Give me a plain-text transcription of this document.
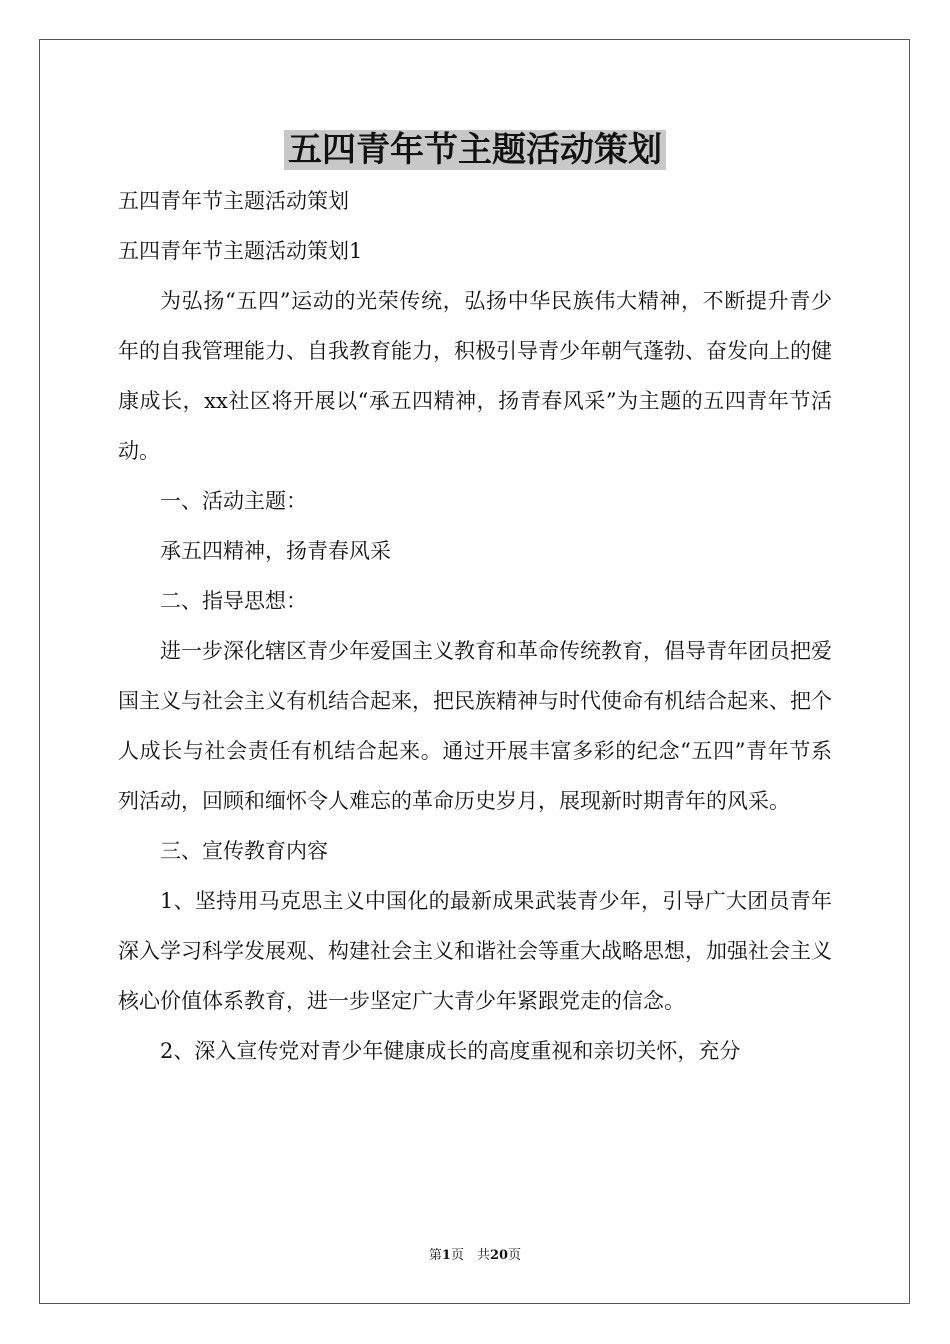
五四青年节主题活动策划

五四青年节主题活动策划

五四青年节主题活动策划1

为弘扬“五四”运动的光荣传统，弘扬中华民族伟大精神，不断提升青少年的自我管理能力、自我教育能力，积极引导青少年朝气蓬勃、奋发向上的健康成长，xx社区将开展以“承五四精神，扬青春风采”为主题的五四青年节活动。

一、活动主题：

承五四精神，扬青春风采

二、指导思想：

进一步深化辖区青少年爱国主义教育和革命传统教育，倡导青年团员把爱国主义与社会主义有机结合起来，把民族精神与时代使命有机结合起来、把个人成长与社会责任有机结合起来。通过开展丰富多彩的纪念“五四”青年节系列活动，回顾和缅怀令人难忘的革命历史岁月，展现新时期青年的风采。

三、宣传教育内容

1、坚持用马克思主义中国化的最新成果武装青少年，引导广大团员青年深入学习科学发展观、构建社会主义和谐社会等重大战略思想，加强社会主义核心价值体系教育，进一步坚定广大青少年紧跟党走的信念。

2、深入宣传党对青少年健康成长的高度重视和亲切关怀，充分

第1页　共20页
